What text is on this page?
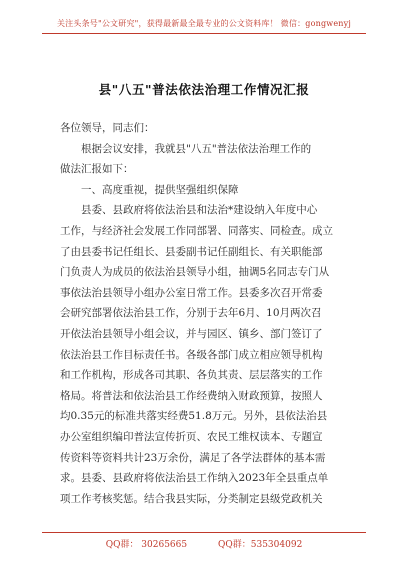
关注头条号"公文研究"，获得最新最全最专业的公文资料库！ 微信：gongwenyj
县"八五"普法依法治理工作情况汇报
各位领导，同志们：
根据会议安排，我就县"八五"普法依法治理工作的
做法汇报如下：
一、高度重视，提供坚强组织保障
县委、县政府将依法治县和法治*建设纳入年度中心
工作，与经济社会发展工作同部署、同落实、同检查。成立
了由县委书记任组长、县委副书记任副组长、有关职能部
门负责人为成员的依法治县领导小组，抽调5名同志专门从
事依法治县领导小组办公室日常工作。县委多次召开常委
会研究部署依法治县工作，分别于去年6月、10月两次召
开依法治县领导小组会议，并与园区、镇乡、部门签订了
依法治县工作目标责任书。各级各部门成立相应领导机构
和工作机构，形成各司其职、各负其责、层层落实的工作
格局。将普法和依法治县工作经费纳入财政预算，按照人
均0.35元的标准共落实经费51.8万元。另外，县依法治县
办公室组织编印普法宣传折页、农民工维权读本、专题宣
传资料等资料共计23万余份，满足了各学法群体的基本需
求。县委、县政府将依法治县工作纳入2023年全县重点单
项工作考核奖惩。结合我县实际，分类制定县级党政机关
QQ群： 30265665	QQ群：535304092
